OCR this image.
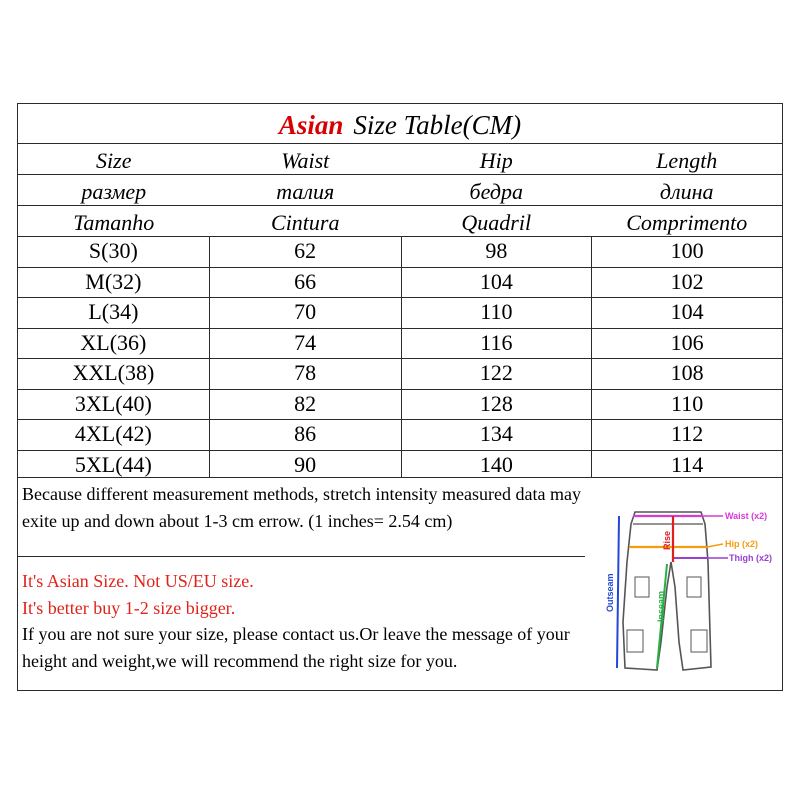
Asian Size Table(CM)
Size	Waist	Hip	Length
размер	талия	бедра	длина
Tamanho	Cintura	Quadril	Comprimento
S(30)	62	98	100
M(32)	66	104	102
L(34)	70	110	104
XL(36)	74	116	106
XXL(38)	78	122	108
3XL(40)	82	128	110
4XL(42)	86	134	112
5XL(44)	90	140	114
Because different measurement methods, stretch intensity measured data may exite up and down about 1-3 cm errow. (1 inches= 2.54 cm)
It's Asian Size. Not US/EU size.
It's better buy 1-2 size bigger.
If you are not sure your size, please contact us.Or leave the message of your height and weight,we will recommend the right size for you.
Waist (x2)
Hip (x2)
Thigh (x2)
Rise
Inseam
Outseam
